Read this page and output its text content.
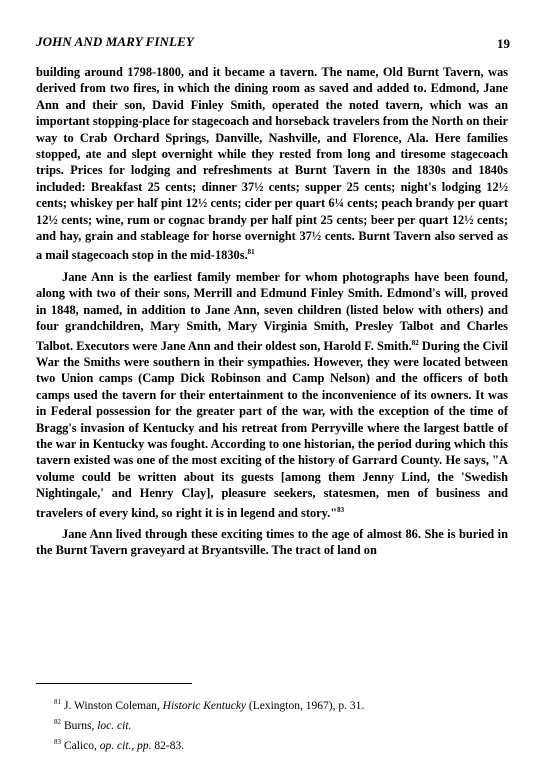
JOHN AND MARY FINLEY	19

building around 1798-1800, and it became a tavern. The name, Old Burnt Tavern, was derived from two fires, in which the dining room as saved and added to. Edmond, Jane Ann and their son, David Finley Smith, operated the noted tavern, which was an important stopping-place for stagecoach and horseback travelers from the North on their way to Crab Orchard Springs, Danville, Nashville, and Florence, Ala. Here families stopped, ate and slept overnight while they rested from long and tiresome stagecoach trips. Prices for lodging and refreshments at Burnt Tavern in the 1830s and 1840s included: Breakfast 25 cents; dinner 37½ cents; supper 25 cents; night's lodging 12½ cents; whiskey per half pint 12½ cents; cider per quart 6¼ cents; peach brandy per quart 12½ cents; wine, rum or cognac brandy per half pint 25 cents; beer per quart 12½ cents; and hay, grain and stableage for horse overnight 37½ cents. Burnt Tavern also served as a mail stagecoach stop in the mid-1830s.$^{81}$

Jane Ann is the earliest family member for whom photographs have been found, along with two of their sons, Merrill and Edmund Finley Smith. Edmond's will, proved in 1848, named, in addition to Jane Ann, seven children (listed below with others) and four grandchildren, Mary Smith, Mary Virginia Smith, Presley Talbot and Charles Talbot. Executors were Jane Ann and their oldest son, Harold F. Smith.$^{82}$ During the Civil War the Smiths were southern in their sympathies. However, they were located between two Union camps (Camp Dick Robinson and Camp Nelson) and the officers of both camps used the tavern for their entertainment to the inconvenience of its owners. It was in Federal possession for the greater part of the war, with the exception of the time of Bragg's invasion of Kentucky and his retreat from Perryville where the largest battle of the war in Kentucky was fought. According to one historian, the period during which this tavern existed was one of the most exciting of the history of Garrard County. He says, "A volume could be written about its guests [among them Jenny Lind, the 'Swedish Nightingale,' and Henry Clay], pleasure seekers, statesmen, men of business and travelers of every kind, so right it is in legend and story."$^{83}$

Jane Ann lived through these exciting times to the age of almost 86. She is buried in the Burnt Tavern graveyard at Bryantsville. The tract of land on

$^{81}$ J. Winston Coleman, Historic Kentucky (Lexington, 1967), p. 31.
$^{82}$ Burns, loc. cit.
$^{83}$ Calico, op. cit., pp. 82-83.
